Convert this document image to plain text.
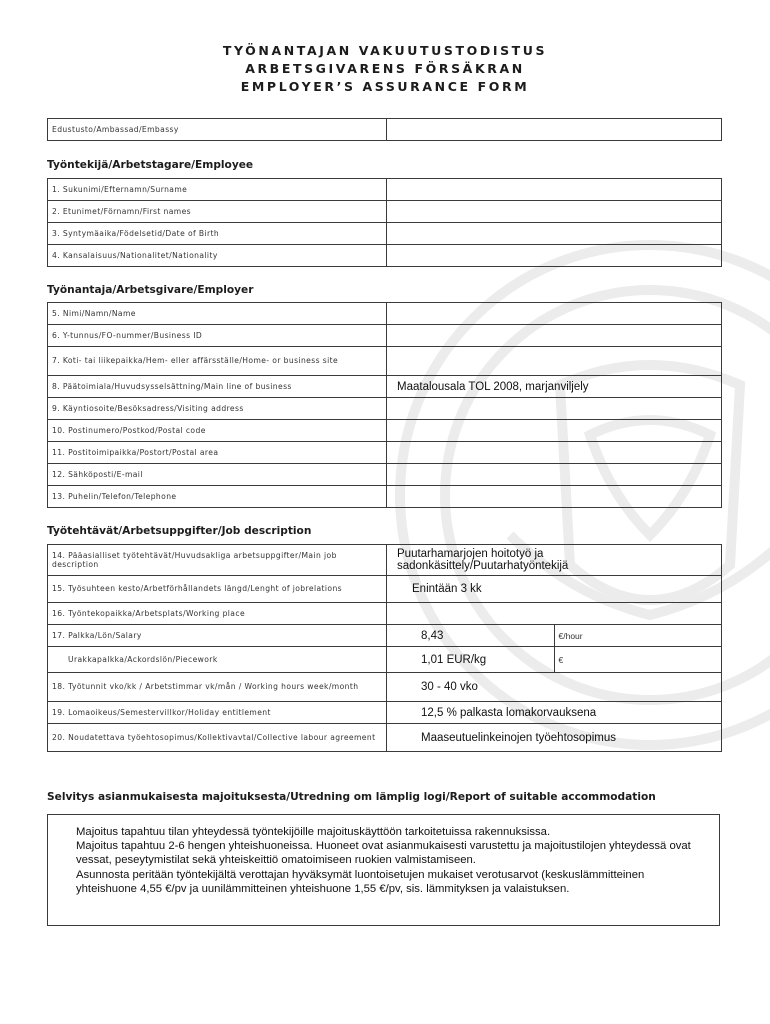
TYÖNANTAJAN VAKUUTUSTODISTUS
ARBETSGIVARENS FÖRSÄKRAN
EMPLOYER’S ASSURANCE FORM
Edustusto/Ambassad/Embassy	
Työntekijä/Arbetstagare/Employee
1. Sukunimi/Efternamn/Surname	
2. Etunimet/Förnamn/First names	
3. Syntymäaika/Födelsetid/Date of Birth	
4. Kansalaisuus/Nationalitet/Nationality	
Työnantaja/Arbetsgivare/Employer
5. Nimi/Namn/Name	
6. Y-tunnus/FO-nummer/Business ID	
7. Koti- tai liikepaikka/Hem- eller affärsställe/Home- or business site	
8. Päätoimiala/Huvudsysselsättning/Main line of business	Maatalousala TOL 2008, marjanviljely
9. Käyntiosoite/Besöksadress/Visiting address	
10. Postinumero/Postkod/Postal code	
11. Postitoimipaikka/Postort/Postal area	
12. Sähköposti/E-mail	
13. Puhelin/Telefon/Telephone	
Työtehtävät/Arbetsuppgifter/Job description
14. Pääasialliset työtehtävät/Huvudsakliga arbetsuppgifter/Main job description	Puutarhamarjojen hoitotyö ja sadonkäsittely/Puutarhatyöntekijä	
15. Työsuhteen kesto/Arbetförhållandets längd/Lenght of jobrelations	Enintään 3 kk	
16. Työntekopaikka/Arbetsplats/Working place		
17. Palkka/Lön/Salary	8,43	€/hour
Urakkapalkka/Ackordslön/Piecework	1,01 EUR/kg	€
18. Työtunnit vko/kk / Arbetstimmar vk/mån / Working hours week/month	30 - 40 vko	
19. Lomaoikeus/Semestervillkor/Holiday entitlement	12,5 % palkasta lomakorvauksena	
20. Noudatettava työehtosopimus/Kollektivavtal/Collective labour agreement	Maaseutuelinkeinojen työehtosopimus	
Selvitys asianmukaisesta majoituksesta/Utredning om lämplig logi/Report of suitable accommodation

Majoitus tapahtuu tilan yhteydessä työntekijöille majoituskäyttöön tarkoitetuissa rakennuksissa.

Majoitus tapahtuu 2-6 hengen yhteishuoneissa. Huoneet ovat asianmukaisesti varustettu ja majoitustilojen yhteydessä ovat vessat, peseytymistilat sekä yhteiskeittiö omatoimiseen ruokien valmistamiseen.

Asunnosta peritään työntekijältä verottajan hyväksymät luontoisetujen mukaiset verotusarvot (keskuslämmitteinen yhteishuone 4,55 €/pv ja uunilämmitteinen yhteishuone 1,55 €/pv, sis. lämmityksen ja valaistuksen.
